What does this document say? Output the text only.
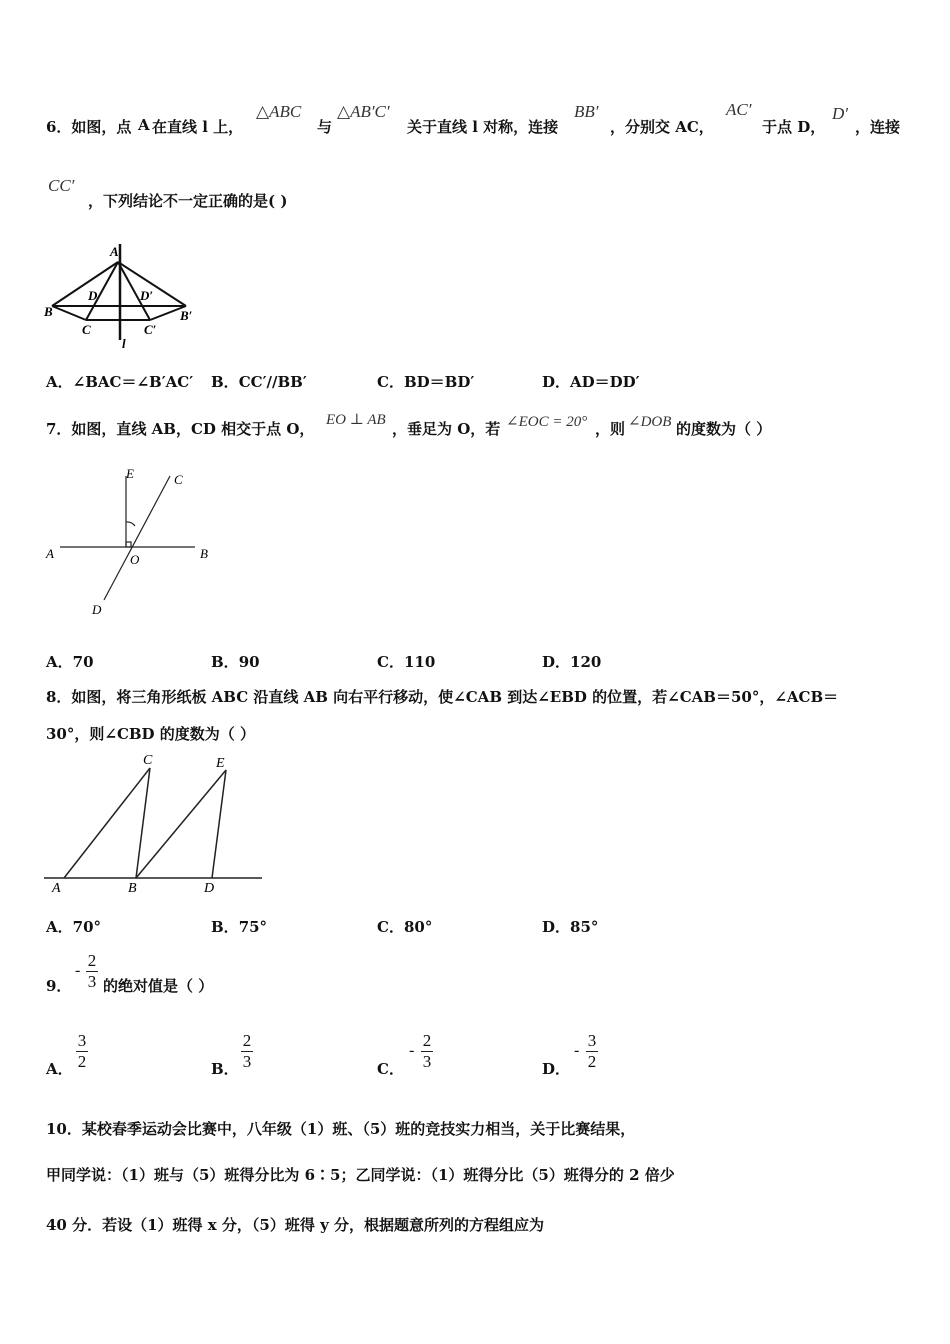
6．如图，点 A 在直线 l 上，
△ABC
与
△AB′C′
关于直线 l 对称，连接
BB′
，分别交 AC，
AC′
于点 D，
D′
，连接
CC′
，下列结论不一定正确的是( )
A
B
C
D	D′
C′
B′
l
A．∠BAC＝∠B′AC′ B．CC′//BB′	C．BD＝BD′	D．AD＝DD′
7．如图，直线 AB，CD 相交于点 O， EO ⊥ AB ，垂足为 O，若 ∠EOC = 20° ，则 ∠DOB 的度数为（ ）
E	C
A	O	B
D
A．70	B．90	C．110	D．120
8．如图，将三角形纸板 ABC 沿直线 AB 向右平行移动，使∠CAB 到达∠EBD 的位置，若∠CAB＝50°，∠ACB＝
30°，则∠CBD 的度数为（ ）
C	E
A	B	D
A．70°	B．75°	C．80°	D．85°
9．
-
2
3 的绝对值是（ ）
A．
3
2	B．
2
3	C．
-
2
3	D．
-
3
2
10．某校春季运动会比赛中，八年级（1）班、（5）班的竞技实力相当，关于比赛结果，
甲同学说：（1）班与（5）班得分比为 6∶5；乙同学说：（1）班得分比（5）班得分的 2 倍少
40 分．若设（1）班得 x 分，（5）班得 y 分，根据题意所列的方程组应为
